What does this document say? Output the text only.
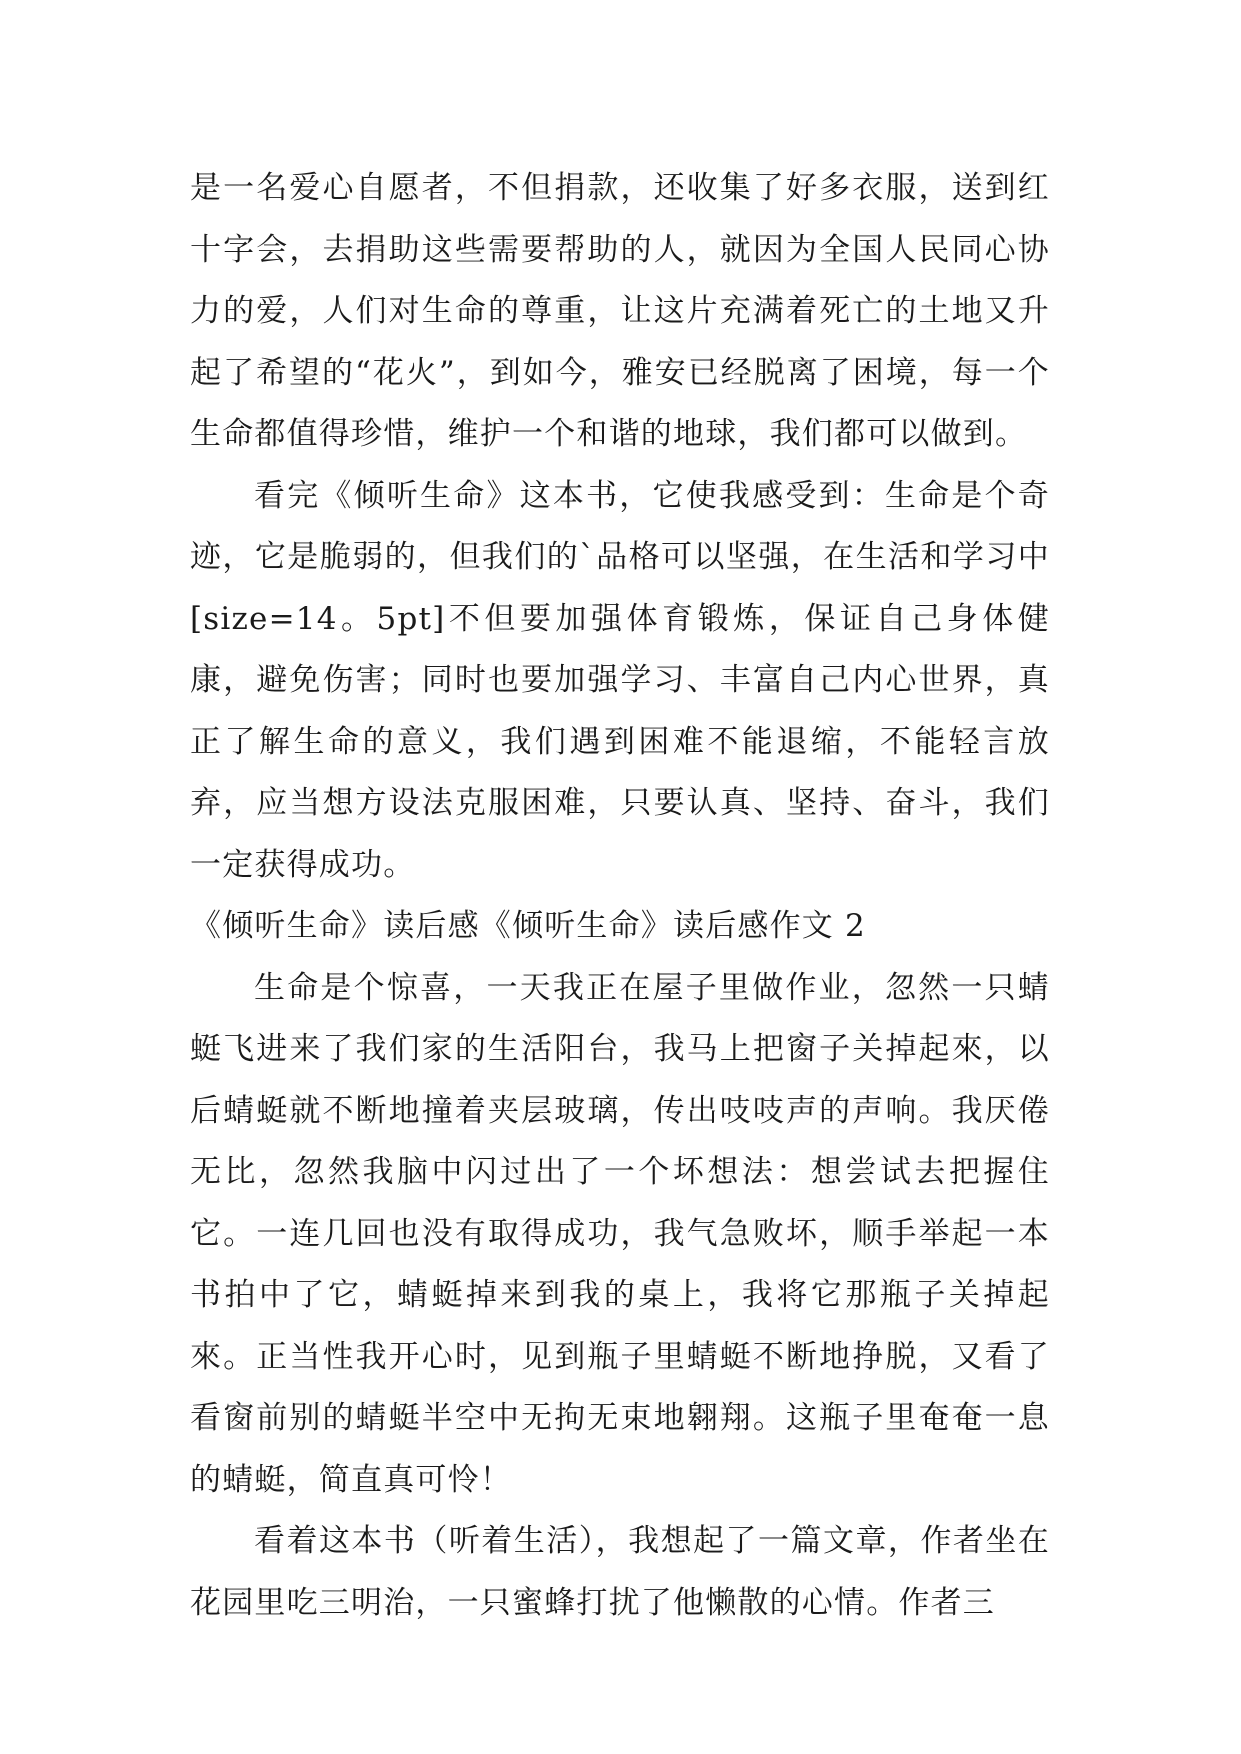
是一名爱心自愿者，不但捐款，还收集了好多衣服，送到红十字会，去捐助这些需要帮助的人，就因为全国人民同心协力的爱，人们对生命的尊重，让这片充满着死亡的土地又升起了希望的“花火”，到如今，雅安已经脱离了困境，每一个生命都值得珍惜，维护一个和谐的地球，我们都可以做到。

看完《倾听生命》这本书，它使我感受到：生命是个奇迹，它是脆弱的，但我们的`品格可以坚强，在生活和学习中[size=14。5pt]不但要加强体育锻炼，保证自己身体健康，避免伤害；同时也要加强学习、丰富自己内心世界，真正了解生命的意义，我们遇到困难不能退缩，不能轻言放弃，应当想方设法克服困难，只要认真、坚持、奋斗，我们一定获得成功。

《倾听生命》读后感《倾听生命》读后感作文 2

生命是个惊喜，一天我正在屋子里做作业，忽然一只蜻蜓飞进来了我们家的生活阳台，我马上把窗子关掉起來，以后蜻蜓就不断地撞着夹层玻璃，传出吱吱声的声响。我厌倦无比，忽然我脑中闪过出了一个坏想法：想尝试去把握住它。一连几回也没有取得成功，我气急败坏，顺手举起一本书拍中了它，蜻蜓掉来到我的桌上，我将它那瓶子关掉起來。正当性我开心时，见到瓶子里蜻蜓不断地挣脱，又看了看窗前别的蜻蜓半空中无拘无束地翱翔。这瓶子里奄奄一息的蜻蜓，简直真可怜！

看着这本书（听着生活），我想起了一篇文章，作者坐在花园里吃三明治，一只蜜蜂打扰了他懒散的心情。作者三
